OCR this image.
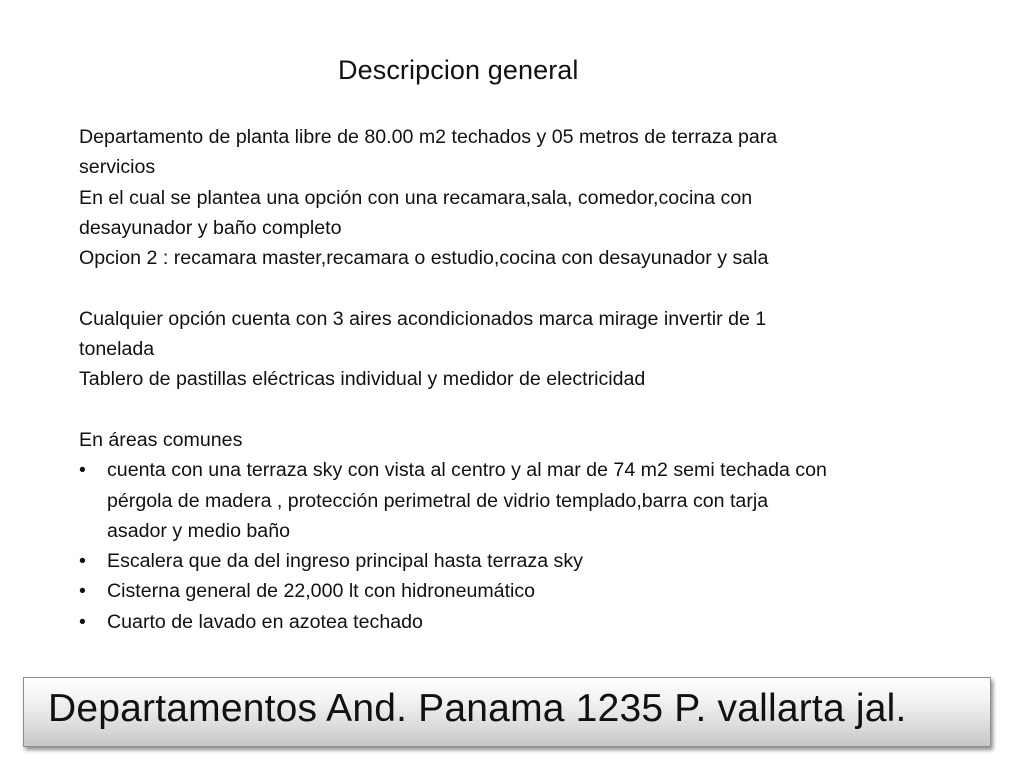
Descripcion general
Departamento de planta libre de 80.00 m2 techados y 05 metros de terraza para
servicios
En el cual se plantea una opción con una recamara,sala, comedor,cocina con
desayunador y baño completo
Opcion 2 : recamara master,recamara o estudio,cocina con desayunador y sala
Cualquier opción cuenta con 3 aires acondicionados marca mirage invertir de 1
tonelada
Tablero de pastillas eléctricas individual y medidor de electricidad
En áreas comunes
• cuenta con una terraza sky con vista al centro y al mar de 74 m2 semi techada con
pérgola de madera , protección perimetral de vidrio templado,barra con tarja
asador y medio baño
• Escalera que da del ingreso principal hasta terraza sky
• Cisterna general de 22,000 lt con hidroneumático
• Cuarto de lavado en azotea techado
Departamentos And. Panama 1235 P. vallarta jal.
